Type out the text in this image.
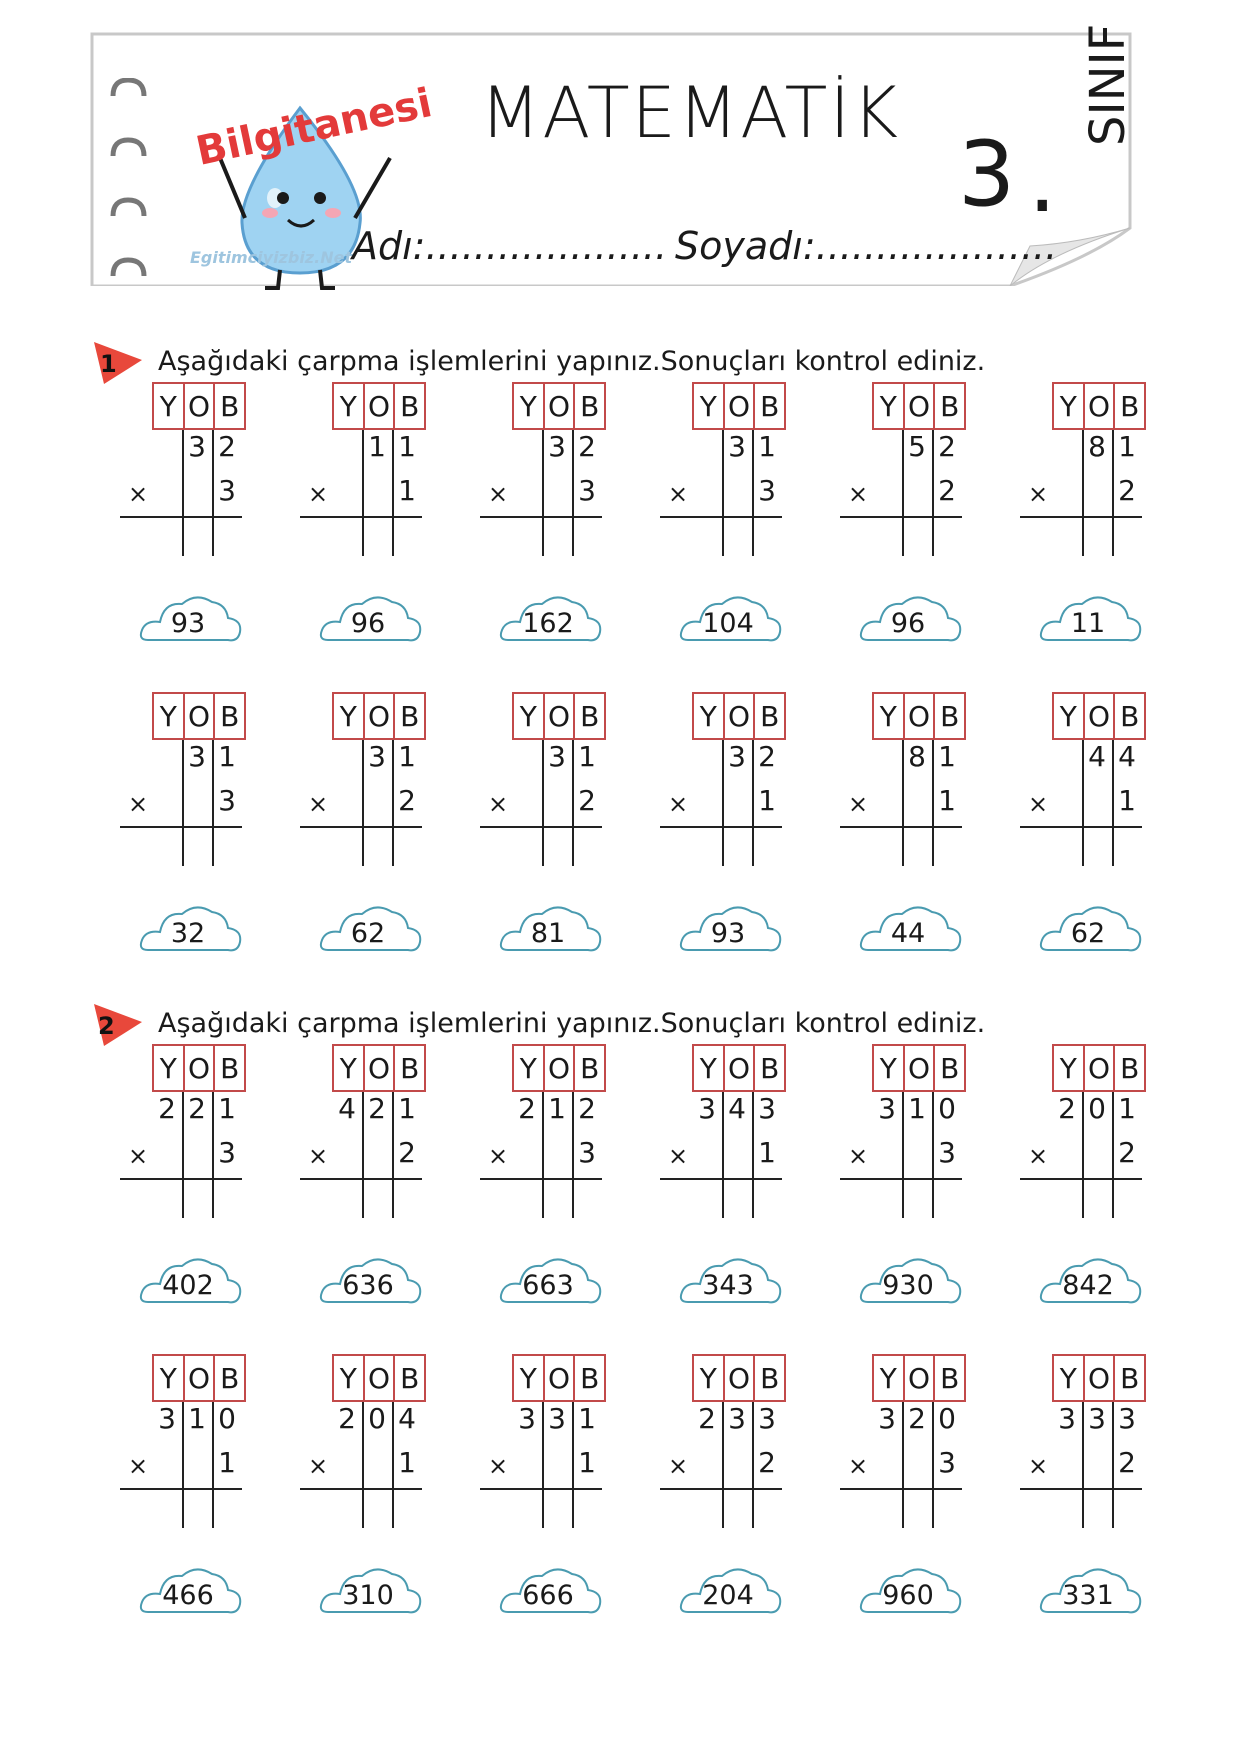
Bilgitanesi
Egitimciyizbiz.Net
MATEMATİK
3 .
SINIF
Adı:.................... Soyadı:....................
1 Aşağıdaki çarpma işlemlerini yapınız.Sonuçları kontrol ediniz.
Y O B
3 2
× 3
93
Y O B
1 1
× 1
96
Y O B
3 2
× 3
162
Y O B
3 1
× 3
104
Y O B
5 2
× 2
96
Y O B
8 1
× 2
11
Y O B
3 1
× 3
32
Y O B
3 1
× 2
62
Y O B
3 1
× 2
81
Y O B
3 2
× 1
93
Y O B
8 1
× 1
44
Y O B
4 4
× 1
62
2 Aşağıdaki çarpma işlemlerini yapınız.Sonuçları kontrol ediniz.
Y O B
2 2 1
× 3
402
Y O B
4 2 1
× 2
636
Y O B
2 1 2
× 3
663
Y O B
3 4 3
× 1
343
Y O B
3 1 0
× 3
930
Y O B
2 0 1
× 2
842
Y O B
3 1 0
× 1
466
Y O B
2 0 4
× 1
310
Y O B
3 3 1
× 1
666
Y O B
2 3 3
× 2
204
Y O B
3 2 0
× 3
960
Y O B
3 3 3
× 2
331
